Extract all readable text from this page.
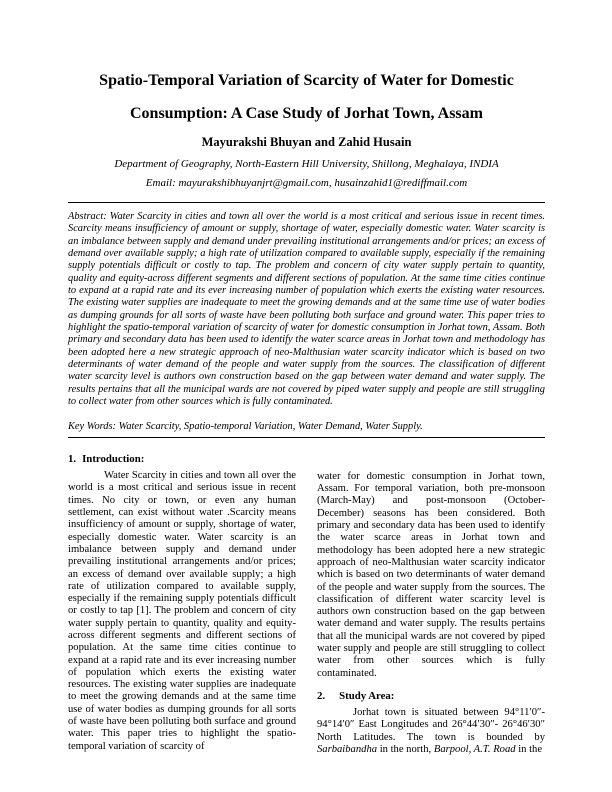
Spatio-Temporal Variation of Scarcity of Water for Domestic
Consumption: A Case Study of Jorhat Town, Assam
Mayurakshi Bhuyan and Zahid Husain
Department of Geography, North-Eastern Hill University, Shillong, Meghalaya, INDIA
Email: mayurakshibhuyanjrt@gmail.com, husainzahid1@rediffmail.com

Abstract: Water Scarcity in cities and town all over the world is a most critical and serious issue in recent times. Scarcity means insufficiency of amount or supply, shortage of water, especially domestic water. Water scarcity is an imbalance between supply and demand under prevailing institutional arrangements and/or prices; an excess of demand over available supply; a high rate of utilization compared to available supply, especially if the remaining supply potentials difficult or costly to tap. The problem and concern of city water supply pertain to quantity, quality and equity-across different segments and different sections of population. At the same time cities continue to expand at a rapid rate and its ever increasing number of population which exerts the existing water resources. The existing water supplies are inadequate to meet the growing demands and at the same time use of water bodies as dumping grounds for all sorts of waste have been polluting both surface and ground water. This paper tries to highlight the spatio-temporal variation of scarcity of water for domestic consumption in Jorhat town, Assam. Both primary and secondary data has been used to identify the water scarce areas in Jorhat town and methodology has been adopted here a new strategic approach of neo-Malthusian water scarcity indicator which is based on two determinants of water demand of the people and water supply from the sources. The classification of different water scarcity level is authors own construction based on the gap between water demand and water supply. The results pertains that all the municipal wards are not covered by piped water supply and people are still struggling to collect water from other sources which is fully contaminated.

Key Words: Water Scarcity, Spatio-temporal Variation, Water Demand, Water Supply.

1. Introduction:

Water Scarcity in cities and town all over the world is a most critical and serious issue in recent times. No city or town, or even any human settlement, can exist without water .Scarcity means insufficiency of amount or supply, shortage of water, especially domestic water. Water scarcity is an imbalance between supply and demand under prevailing institutional arrangements and/or prices; an excess of demand over available supply; a high rate of utilization compared to available supply, especially if the remaining supply potentials difficult or costly to tap [1]. The problem and concern of city water supply pertain to quantity, quality and equity-across different segments and different sections of population. At the same time cities continue to expand at a rapid rate and its ever increasing number of population which exerts the existing water resources. The existing water supplies are inadequate to meet the growing demands and at the same time use of water bodies as dumping grounds for all sorts of waste have been polluting both surface and ground water. This paper tries to highlight the spatio-temporal variation of scarcity of

water for domestic consumption in Jorhat town, Assam. For temporal variation, both pre-monsoon (March-May) and post-monsoon (October-December) seasons has been considered. Both primary and secondary data has been used to identify the water scarce areas in Jorhat town and methodology has been adopted here a new strategic approach of neo-Malthusian water scarcity indicator which is based on two determinants of water demand of the people and water supply from the sources. The classification of different water scarcity level is authors own construction based on the gap between water demand and water supply. The results pertains that all the municipal wards are not covered by piped water supply and people are still struggling to collect water from other sources which is fully contaminated.

2. Study Area:

Jorhat town is situated between 94°11′0″- 94°14′0″ East Longitudes and 26°44′30″- 26°46′30″ North Latitudes. The town is bounded by Sarbaibandha in the north, Barpool, A.T. Road in the
